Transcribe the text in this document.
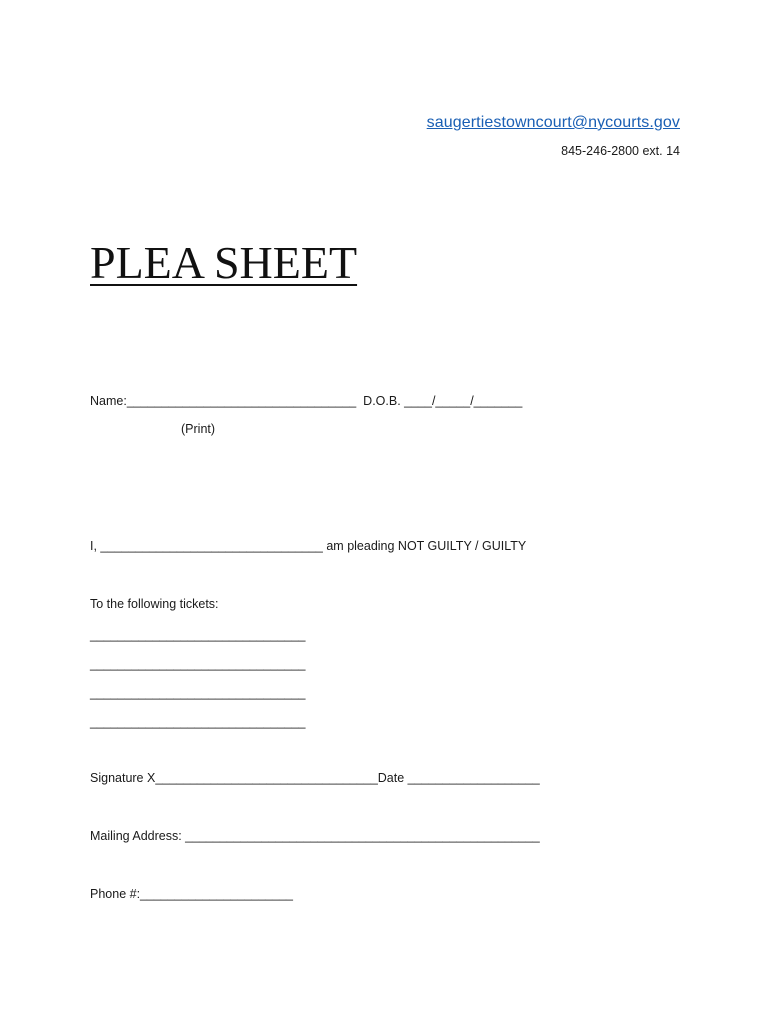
saugertiestowncourt@nycourts.gov
845-246-2800 ext. 14
PLEA SHEET
Name:_________________________________  D.O.B. ____/_____/_______
(Print)
I, ________________________________ am pleading NOT GUILTY / GUILTY
To the following tickets:
_______________________________
_______________________________
_______________________________
_______________________________
Signature X________________________________Date ___________________
Mailing Address: ___________________________________________________
Phone #:______________________
